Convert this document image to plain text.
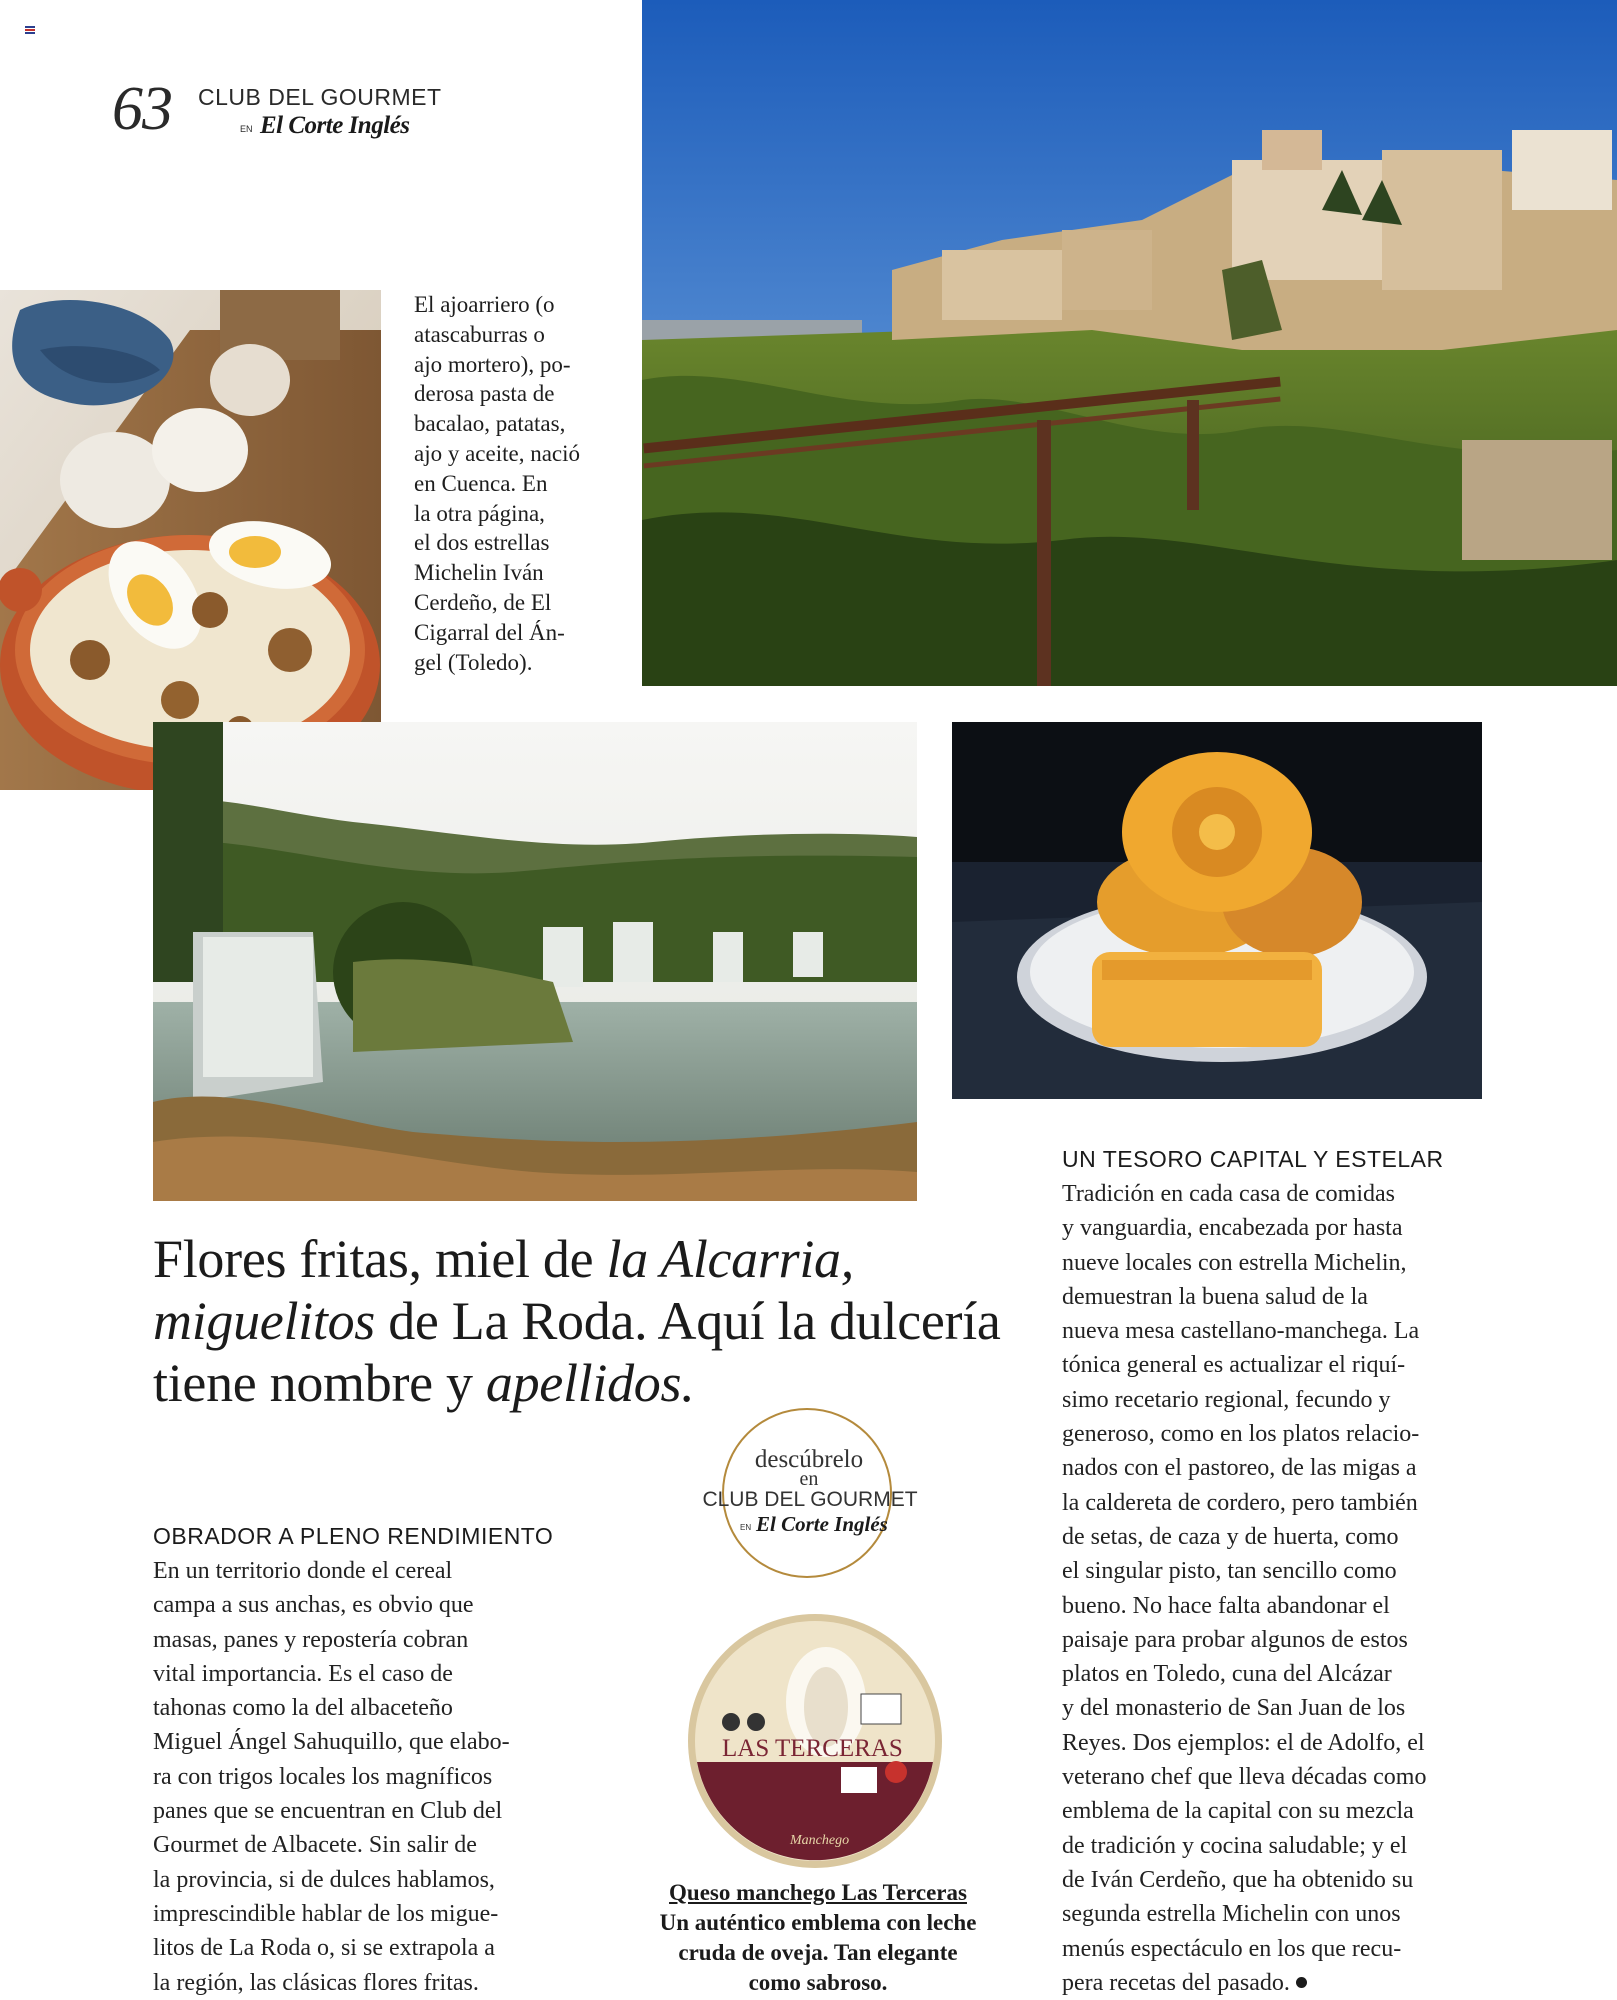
63 CLUB DEL GOURMET
EN El Corte Inglés
El ajoarriero (o
atascaburras o
ajo mortero), po-
derosa pasta de
bacalao, patatas,
ajo y aceite, nació
en Cuenca. En
la otra página,
el dos estrellas
Michelin Iván
Cerdeño, de El
Cigarral del Án-
gel (Toledo).
Flores fritas, miel de la Alcarria,
miguelitos de La Roda. Aquí la dulcería
tiene nombre y apellidos.
OBRADOR A PLENO RENDIMIENTO
En un territorio donde el cereal
campa a sus anchas, es obvio que
masas, panes y repostería cobran
vital importancia. Es el caso de
tahonas como la del albaceteño
Miguel Ángel Sahuquillo, que elabo-
ra con trigos locales los magníficos
panes que se encuentran en Club del
Gourmet de Albacete. Sin salir de
la provincia, si de dulces hablamos,
imprescindible hablar de los migue-
litos de La Roda o, si se extrapola a
la región, las clásicas flores fritas.
UN TESORO CAPITAL Y ESTELAR
Tradición en cada casa de comidas
y vanguardia, encabezada por hasta
nueve locales con estrella Michelin,
demuestran la buena salud de la
nueva mesa castellano-manchega. La
tónica general es actualizar el riquí-
simo recetario regional, fecundo y
generoso, como en los platos relacio-
nados con el pastoreo, de las migas a
la caldereta de cordero, pero también
de setas, de caza y de huerta, como
el singular pisto, tan sencillo como
bueno. No hace falta abandonar el
paisaje para probar algunos de estos
platos en Toledo, cuna del Alcázar
y del monasterio de San Juan de los
Reyes. Dos ejemplos: el de Adolfo, el
veterano chef que lleva décadas como
emblema de la capital con su mezcla
de tradición y cocina saludable; y el
de Iván Cerdeño, que ha obtenido su
segunda estrella Michelin con unos
menús espectáculo en los que recu-
pera recetas del pasado.
descúbrelo
en
CLUB DEL GOURMET
EN El Corte Inglés
LAS TERCERAS
Manchego
Queso manchego Las Terceras
Un auténtico emblema con leche
cruda de oveja. Tan elegante
como sabroso.
